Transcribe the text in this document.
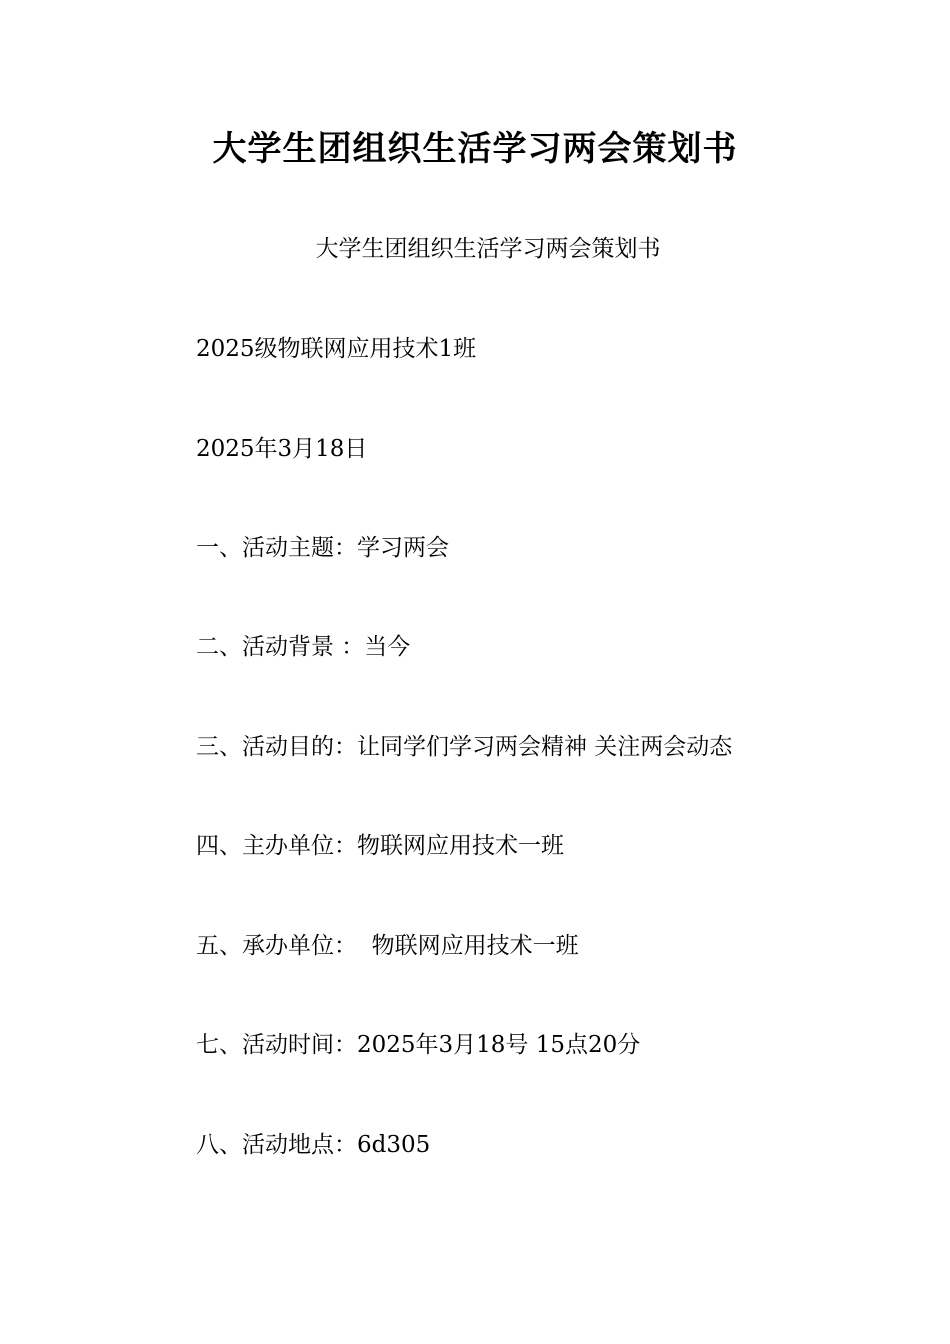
大学生团组织生活学习两会策划书
大学生团组织生活学习两会策划书
2025级物联网应用技术1班
2025年3月18日
一、活动主题：学习两会
二、活动背景 ：当今
三、活动目的：让同学们学习两会精神 关注两会动态
四、主办单位：物联网应用技术一班
五、承办单位：  物联网应用技术一班
七、活动时间：2025年3月18号 15点20分
八、活动地点：6d305
